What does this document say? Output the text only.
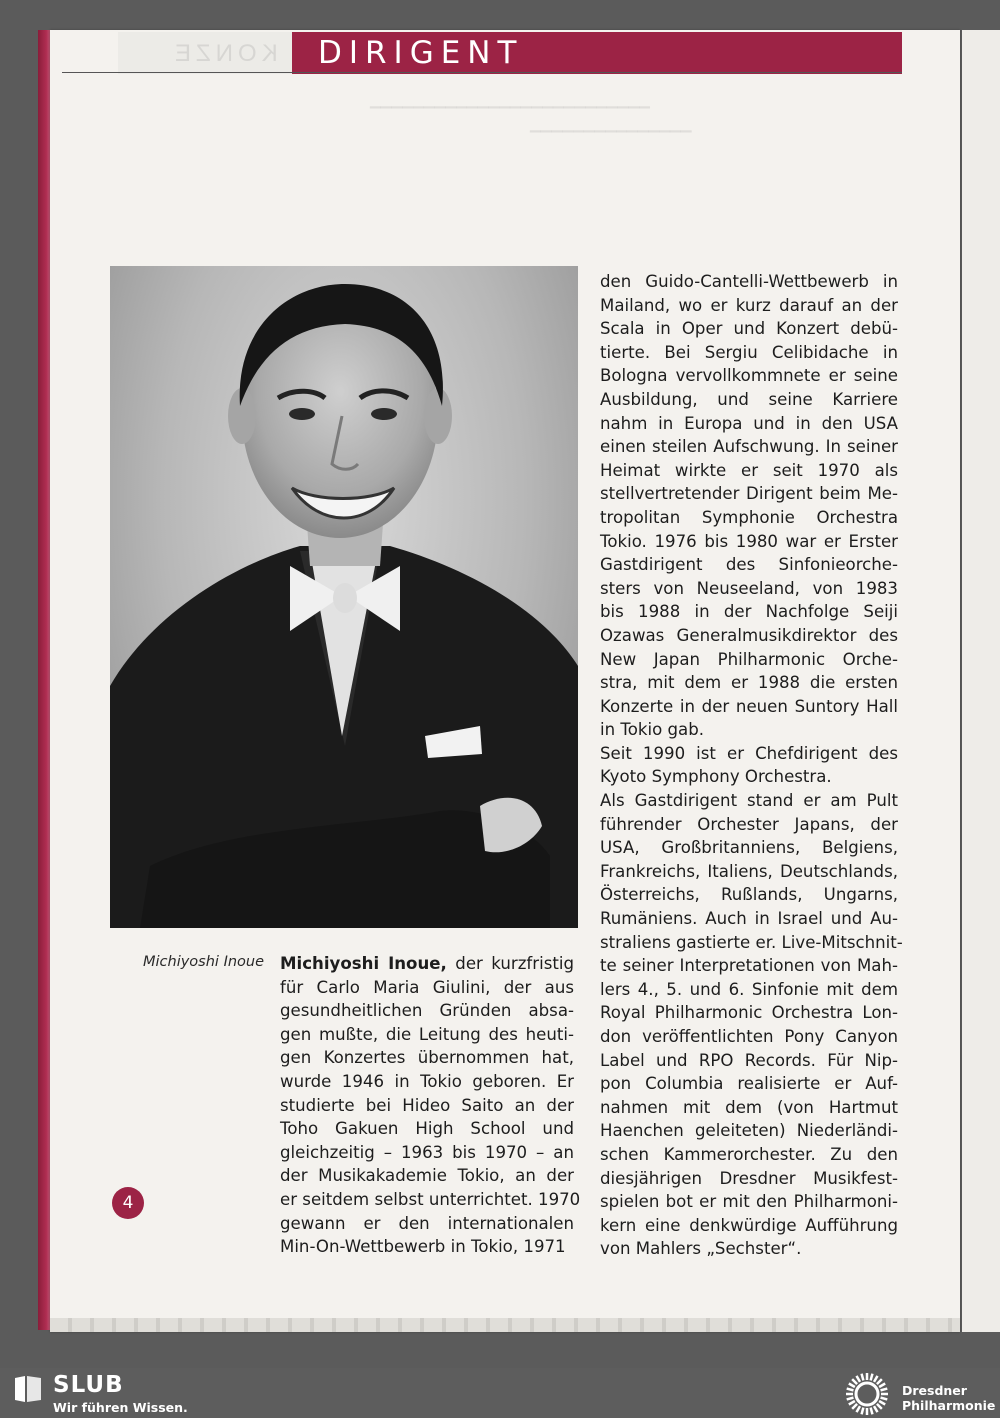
KONZE DIRIGENT
▁▁▁▁▁▁▁▁▁▁▁▁▁▁▁▁▁▁▁▁▁▁▁▁▁▁
▁▁▁▁▁▁▁▁▁▁▁▁▁▁▁
Michiyoshi Inoue Michiyoshi Inoue, der kurzfristig
für Carlo Maria Giulini, der aus
gesundheitlichen Gründen absa-
gen mußte, die Leitung des heuti-
gen Konzertes übernommen hat,
wurde 1946 in Tokio geboren. Er
studierte bei Hideo Saito an der
Toho Gakuen High School und
gleichzeitig – 1963 bis 1970 – an
der Musikakademie Tokio, an der
er seitdem selbst unterrichtet. 1970
gewann er den internationalen
Min-On-Wettbewerb in Tokio, 1971
den Guido-Cantelli-Wettbewerb in
Mailand, wo er kurz darauf an der
Scala in Oper und Konzert debü-
tierte. Bei Sergiu Celibidache in
Bologna vervollkommnete er seine
Ausbildung, und seine Karriere
nahm in Europa und in den USA
einen steilen Aufschwung. In seiner
Heimat wirkte er seit 1970 als
stellvertretender Dirigent beim Me-
tropolitan Symphonie Orchestra
Tokio. 1976 bis 1980 war er Erster
Gastdirigent des Sinfonieorche-
sters von Neuseeland, von 1983
bis 1988 in der Nachfolge Seiji
Ozawas Generalmusikdirektor des
New Japan Philharmonic Orche-
stra, mit dem er 1988 die ersten
Konzerte in der neuen Suntory Hall
in Tokio gab.
Seit 1990 ist er Chefdirigent des
Kyoto Symphony Orchestra.
Als Gastdirigent stand er am Pult
führender Orchester Japans, der
USA, Großbritanniens, Belgiens,
Frankreichs, Italiens, Deutschlands,
Österreichs, Rußlands, Ungarns,
Rumäniens. Auch in Israel und Au-
straliens gastierte er. Live-Mitschnit-
te seiner Interpretationen von Mah-
lers 4., 5. und 6. Sinfonie mit dem
Royal Philharmonic Orchestra Lon-
don veröffentlichten Pony Canyon
Label und RPO Records. Für Nip-
pon Columbia realisierte er Auf-
nahmen mit dem (von Hartmut
Haenchen geleiteten) Niederländi-
schen Kammerorchester. Zu den
diesjährigen Dresdner Musikfest-
spielen bot er mit den Philharmoni-
kern eine denkwürdige Aufführung
von Mahlers „Sechster“.
4
SLUB
Wir führen Wissen.
Dresdner
Philharmonie
